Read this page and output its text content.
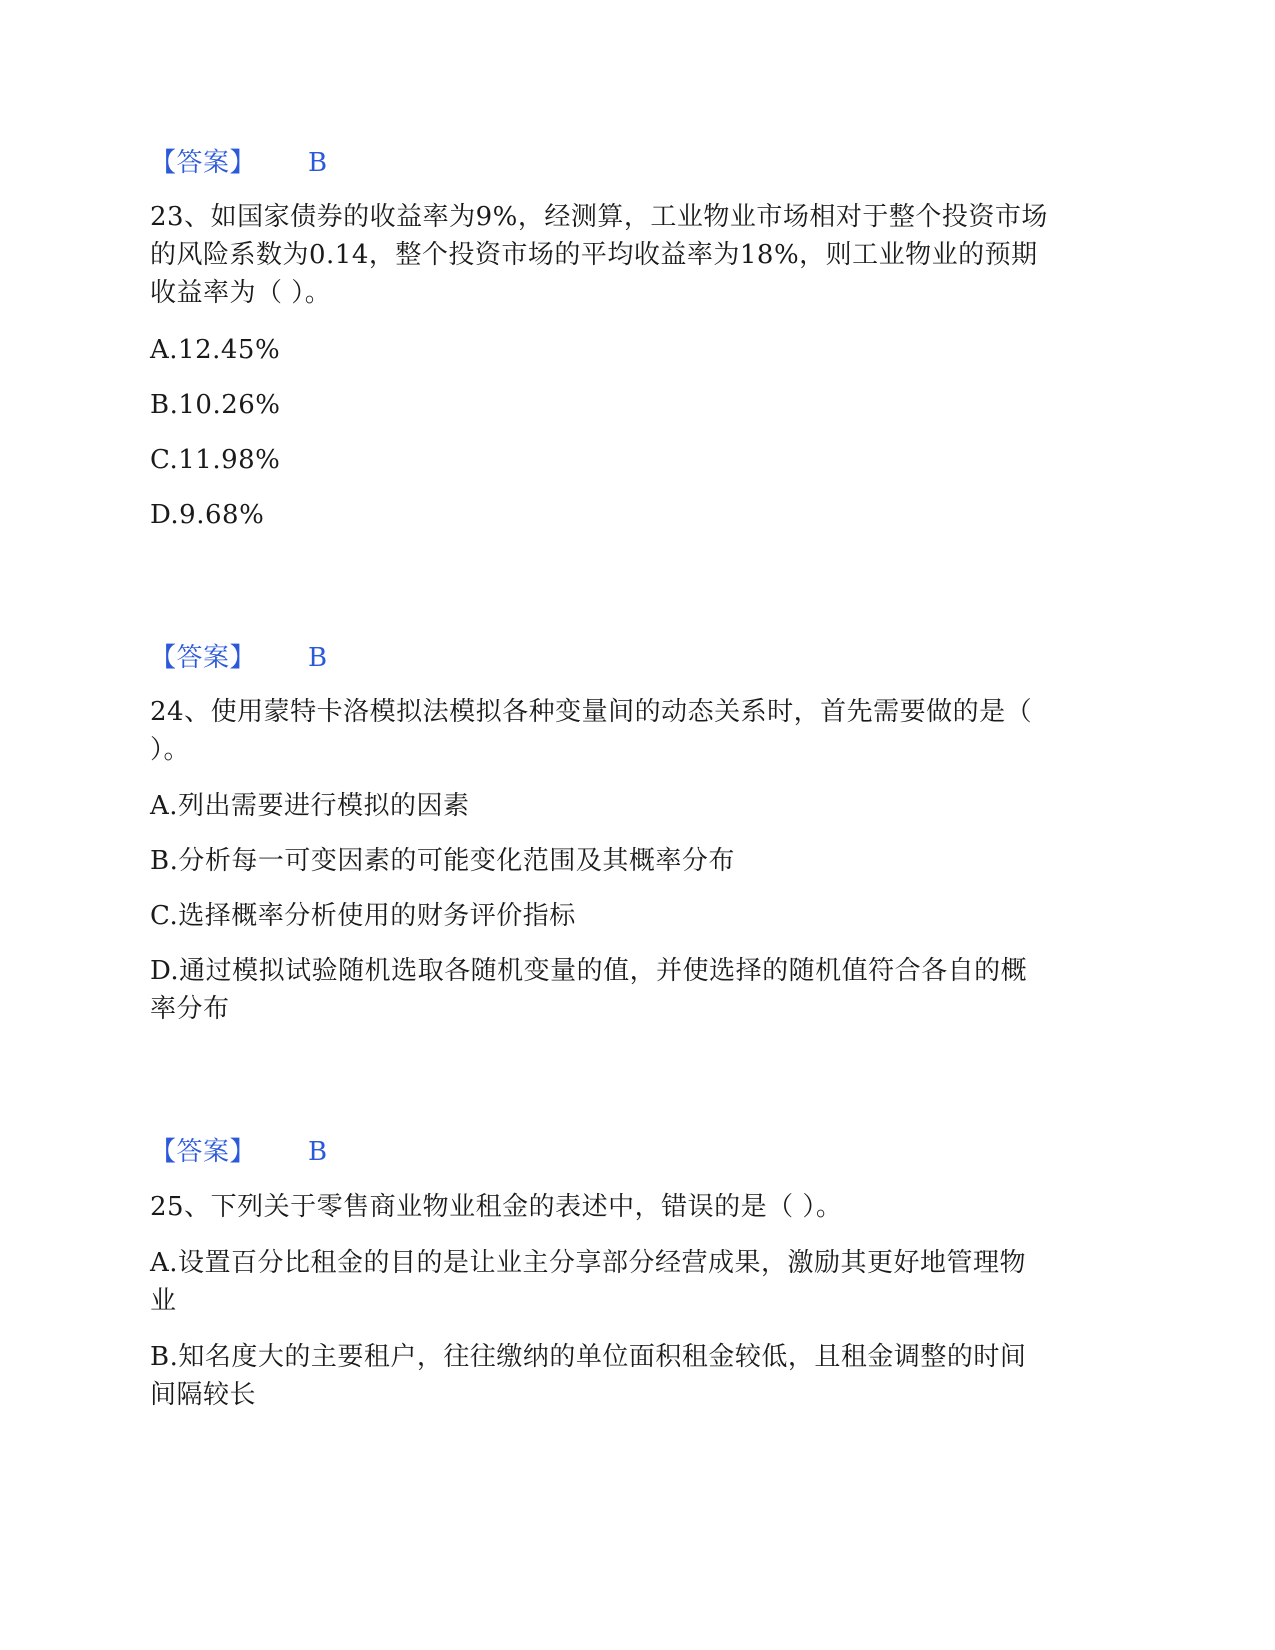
【答案】 B
23、如国家债券的收益率为9%，经测算，工业物业市场相对于整个投资市场
的风险系数为0.14，整个投资市场的平均收益率为18%，则工业物业的预期
收益率为（ ）。
A.12.45%
B.10.26%
C.11.98%
D.9.68%
【答案】 B
24、使用蒙特卡洛模拟法模拟各种变量间的动态关系时，首先需要做的是（
）。
A.列出需要进行模拟的因素
B.分析每一可变因素的可能变化范围及其概率分布
C.选择概率分析使用的财务评价指标
D.通过模拟试验随机选取各随机变量的值，并使选择的随机值符合各自的概
率分布
【答案】 B
25、下列关于零售商业物业租金的表述中，错误的是（ ）。
A.设置百分比租金的目的是让业主分享部分经营成果，激励其更好地管理物
业
B.知名度大的主要租户，往往缴纳的单位面积租金较低，且租金调整的时间
间隔较长
